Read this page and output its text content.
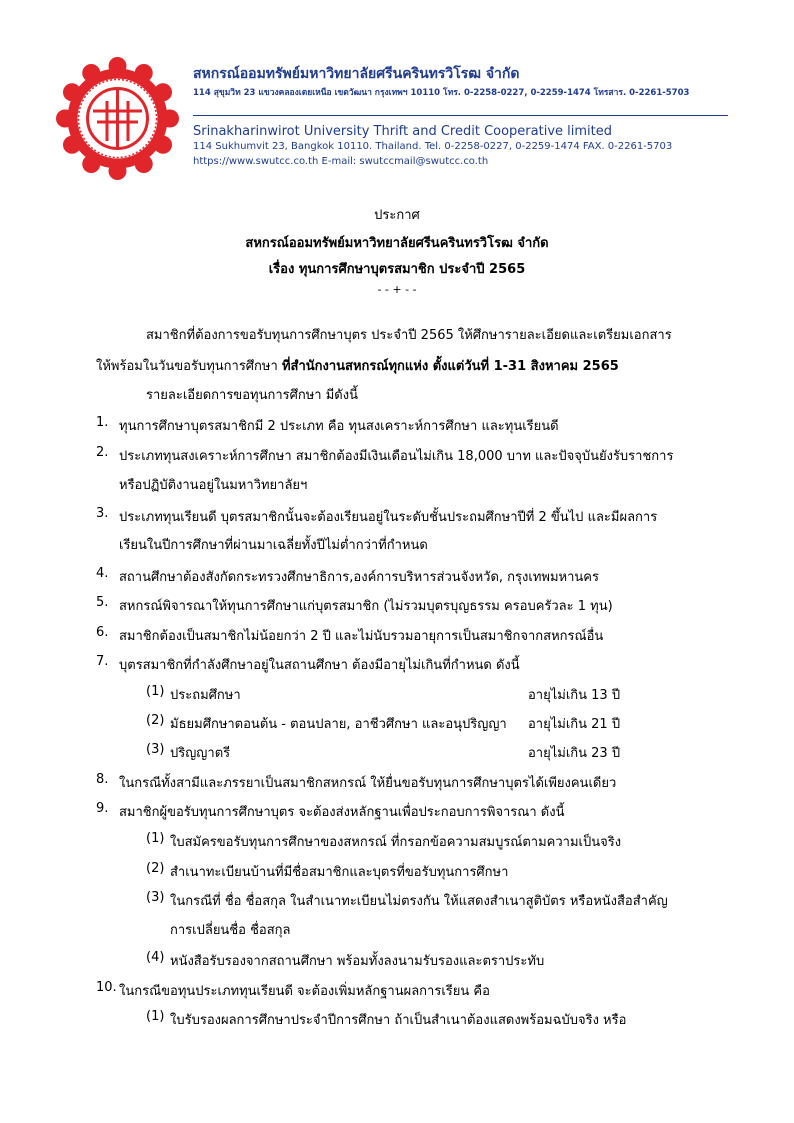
สหกรณ์ออมทรัพย์มหาวิทยาลัยศรีนครินทรวิโรฒ จำกัด
114 สุขุมวิท 23 แขวงคลองเตยเหนือ เขตวัฒนา กรุงเทพฯ 10110 โทร. 0-2258-0227, 0-2259-1474 โทรสาร. 0-2261-5703
Srinakharinwirot University Thrift and Credit Cooperative limited
114 Sukhumvit 23, Bangkok 10110. Thailand. Tel. 0-2258-0227, 0-2259-1474 FAX. 0-2261-5703
https://www.swutcc.co.th E-mail: swutccmail@swutcc.co.th
ประกาศ
สหกรณ์ออมทรัพย์มหาวิทยาลัยศรีนครินทรวิโรฒ จำกัด
เรื่อง ทุนการศึกษาบุตรสมาชิก ประจำปี 2565
- - + - -
สมาชิกที่ต้องการขอรับทุนการศึกษาบุตร ประจำปี 2565 ให้ศึกษารายละเอียดและเตรียมเอกสาร
ให้พร้อมในวันขอรับทุนการศึกษา ที่สำนักงานสหกรณ์ทุกแห่ง ตั้งแต่วันที่ 1-31 สิงหาคม 2565
รายละเอียดการขอทุนการศึกษา มีดังนี้
1. ทุนการศึกษาบุตรสมาชิกมี 2 ประเภท คือ ทุนสงเคราะห์การศึกษา และทุนเรียนดี
2. ประเภททุนสงเคราะห์การศึกษา สมาชิกต้องมีเงินเดือนไม่เกิน 18,000 บาท และปัจจุบันยังรับราชการ
หรือปฏิบัติงานอยู่ในมหาวิทยาลัยฯ
3. ประเภททุนเรียนดี บุตรสมาชิกนั้นจะต้องเรียนอยู่ในระดับชั้นประถมศึกษาปีที่ 2 ขึ้นไป และมีผลการ
เรียนในปีการศึกษาที่ผ่านมาเฉลี่ยทั้งปีไม่ต่ำกว่าที่กำหนด
4. สถานศึกษาต้องสังกัดกระทรวงศึกษาธิการ,องค์การบริหารส่วนจังหวัด, กรุงเทพมหานคร
5. สหกรณ์พิจารณาให้ทุนการศึกษาแก่บุตรสมาชิก (ไม่รวมบุตรบุญธรรม ครอบครัวละ 1 ทุน)
6. สมาชิกต้องเป็นสมาชิกไม่น้อยกว่า 2 ปี และไม่นับรวมอายุการเป็นสมาชิกจากสหกรณ์อื่น
7. บุตรสมาชิกที่กำลังศึกษาอยู่ในสถานศึกษา ต้องมีอายุไม่เกินที่กำหนด ดังนี้
(1) ประถมศึกษา	อายุไม่เกิน 13 ปี
(2) มัธยมศึกษาตอนต้น - ตอนปลาย, อาชีวศึกษา และอนุปริญญา อายุไม่เกิน 21 ปี
(3) ปริญญาตรี	อายุไม่เกิน 23 ปี
8. ในกรณีทั้งสามีและภรรยาเป็นสมาชิกสหกรณ์ ให้ยื่นขอรับทุนการศึกษาบุตรได้เพียงคนเดียว
9. สมาชิกผู้ขอรับทุนการศึกษาบุตร จะต้องส่งหลักฐานเพื่อประกอบการพิจารณา ดังนี้
(1) ใบสมัครขอรับทุนการศึกษาของสหกรณ์ ที่กรอกข้อความสมบูรณ์ตามความเป็นจริง
(2) สำเนาทะเบียนบ้านที่มีชื่อสมาชิกและบุตรที่ขอรับทุนการศึกษา
(3) ในกรณีที่ ชื่อ ชื่อสกุล ในสำเนาทะเบียนไม่ตรงกัน ให้แสดงสำเนาสูติบัตร หรือหนังสือสำคัญ
การเปลี่ยนชื่อ ชื่อสกุล
(4) หนังสือรับรองจากสถานศึกษา พร้อมทั้งลงนามรับรองและตราประทับ
10. ในกรณีขอทุนประเภททุนเรียนดี จะต้องเพิ่มหลักฐานผลการเรียน คือ
(1) ใบรับรองผลการศึกษาประจำปีการศึกษา ถ้าเป็นสำเนาต้องแสดงพร้อมฉบับจริง หรือ
